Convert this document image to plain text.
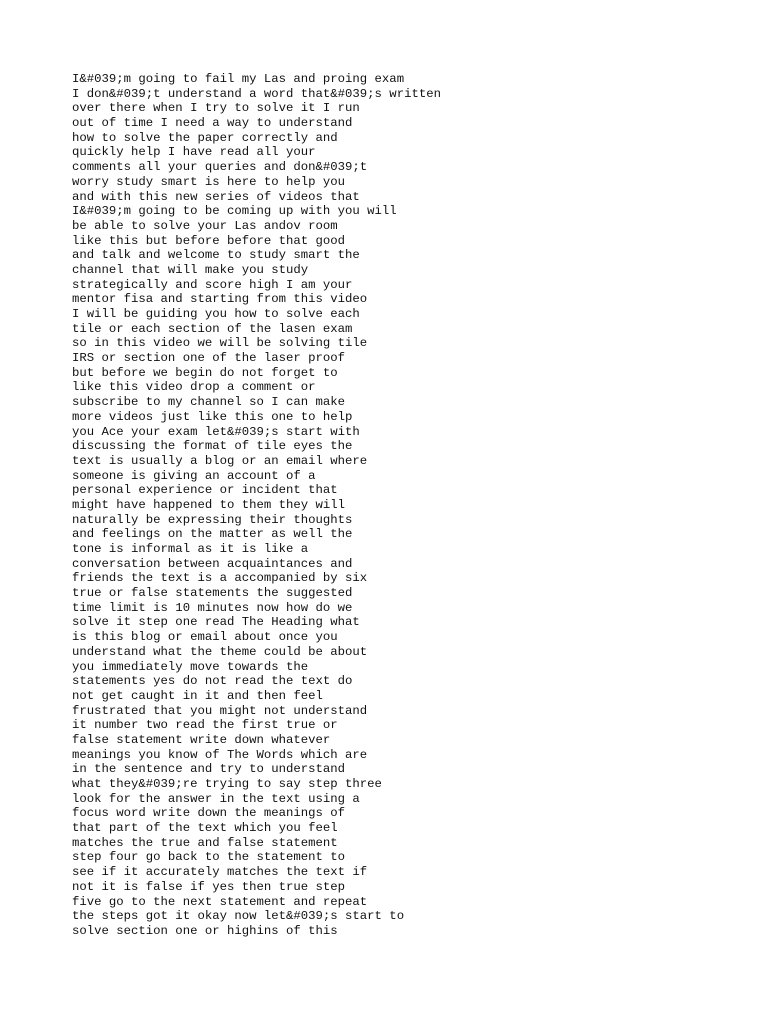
I&#039;m going to fail my Las and proing exam
I don&#039;t understand a word that&#039;s written
over there when I try to solve it I run
out of time I need a way to understand
how to solve the paper correctly and
quickly help I have read all your
comments all your queries and don&#039;t
worry study smart is here to help you
and with this new series of videos that
I&#039;m going to be coming up with you will
be able to solve your Las andov room
like this but before before that good
and talk and welcome to study smart the
channel that will make you study
strategically and score high I am your
mentor fisa and starting from this video
I will be guiding you how to solve each
tile or each section of the lasen exam
so in this video we will be solving tile
IRS or section one of the laser proof
but before we begin do not forget to
like this video drop a comment or
subscribe to my channel so I can make
more videos just like this one to help
you Ace your exam let&#039;s start with
discussing the format of tile eyes the
text is usually a blog or an email where
someone is giving an account of a
personal experience or incident that
might have happened to them they will
naturally be expressing their thoughts
and feelings on the matter as well the
tone is informal as it is like a
conversation between acquaintances and
friends the text is a accompanied by six
true or false statements the suggested
time limit is 10 minutes now how do we
solve it step one read The Heading what
is this blog or email about once you
understand what the theme could be about
you immediately move towards the
statements yes do not read the text do
not get caught in it and then feel
frustrated that you might not understand
it number two read the first true or
false statement write down whatever
meanings you know of The Words which are
in the sentence and try to understand
what they&#039;re trying to say step three
look for the answer in the text using a
focus word write down the meanings of
that part of the text which you feel
matches the true and false statement
step four go back to the statement to
see if it accurately matches the text if
not it is false if yes then true step
five go to the next statement and repeat
the steps got it okay now let&#039;s start to
solve section one or highins of this
